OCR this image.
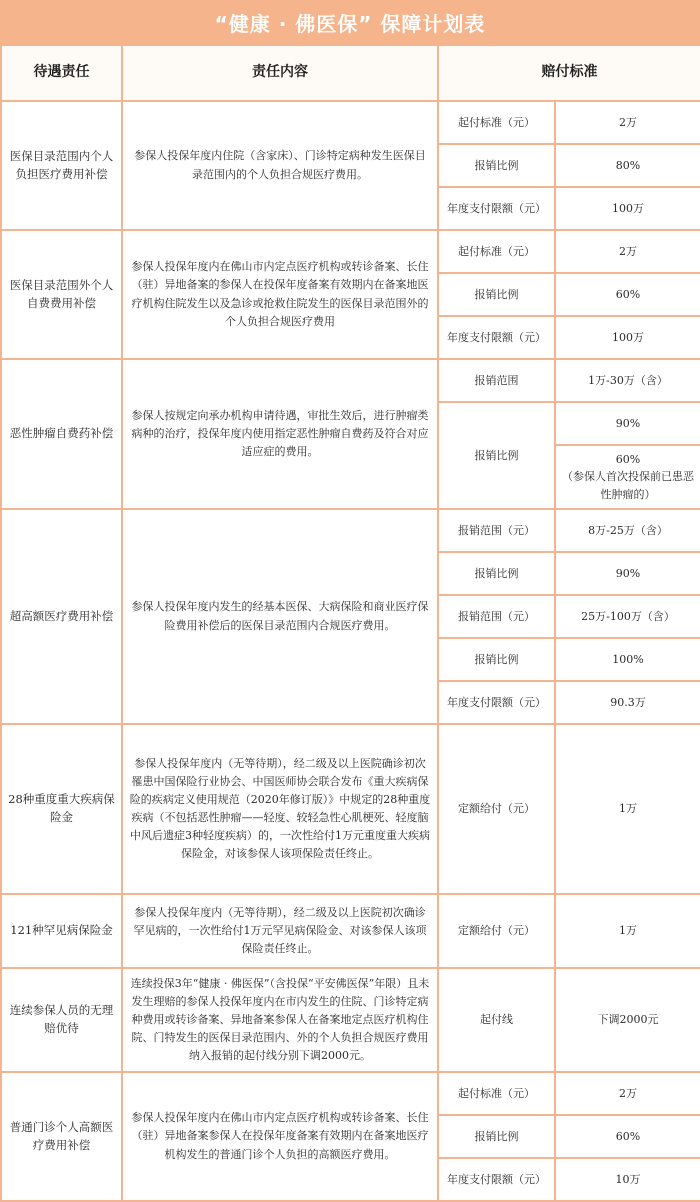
“健康 · 佛医保” 保障计划表
待遇责任	责任内容	赔付标准	
医保目录范围内个人负担医疗费用补偿	参保人投保年度内住院（含家床）、门诊特定病种发生医保目录范围内的个人负担合规医疗费用。	起付标准（元）	2万
		报销比例	80%
		年度支付限额（元）	100万
医保目录范围外个人自费费用补偿	参保人投保年度内在佛山市内定点医疗机构或转诊备案、长住（驻）异地备案的参保人在投保年度备案有效期内在备案地医疗机构住院发生以及急诊或抢救住院发生的医保目录范围外的个人负担合规医疗费用	起付标准（元）	2万
		报销比例	60%
		年度支付限额（元）	100万
恶性肿瘤自费药补偿	参保人按规定向承办机构申请待遇，审批生效后，进行肿瘤类病种的治疗，投保年度内使用指定恶性肿瘤自费药及符合对应适应症的费用。	报销范围	1万-30万（含）
		报销比例	90%

			60%
（参保人首次投保前已患恶性肿瘤的）

超高额医疗费用补偿	参保人投保年度内发生的经基本医保、大病保险和商业医疗保险费用补偿后的医保目录范围内合规医疗费用。	报销范围（元）	8万-25万（含）
		报销比例	90%
		报销范围（元）	25万-100万（含）
		报销比例	100%
		年度支付限额（元）	90.3万
28种重度重大疾病保险金	参保人投保年度内（无等待期），经二级及以上医院确诊初次罹患中国保险行业协会、中国医师协会联合发布《重大疾病保险的疾病定义使用规范（2020年修订版）》中规定的28种重度疾病（不包括恶性肿瘤——轻度、较轻急性心肌梗死、轻度脑中风后遗症3种轻度疾病）的，一次性给付1万元重度重大疾病保险金，对该参保人该项保险责任终止。	定额给付（元）	1万
121种罕见病保险金	参保人投保年度内（无等待期），经二级及以上医院初次确诊罕见病的，一次性给付1万元罕见病保险金、对该参保人该项保险责任终止。	定额给付（元）	1万
连续参保人员的无理赔优待	连续投保3年“健康 · 佛医保”（含投保“平安佛医保”年限）且未发生理赔的参保人投保年度内在市内发生的住院、门诊特定病种费用或转诊备案、异地备案参保人在备案地定点医疗机构住院、门特发生的医保目录范围内、外的个人负担合规医疗费用纳入报销的起付线分别下调2000元。	起付线	下调2000元
普通门诊个人高额医疗费用补偿	参保人投保年度内在佛山市内定点医疗机构或转诊备案、长住（驻）异地备案参保人在投保年度备案有效期内在备案地医疗机构发生的普通门诊个人负担的高额医疗费用。	起付标准（元）	2万
		报销比例	60%
		年度支付限额（元）	10万
